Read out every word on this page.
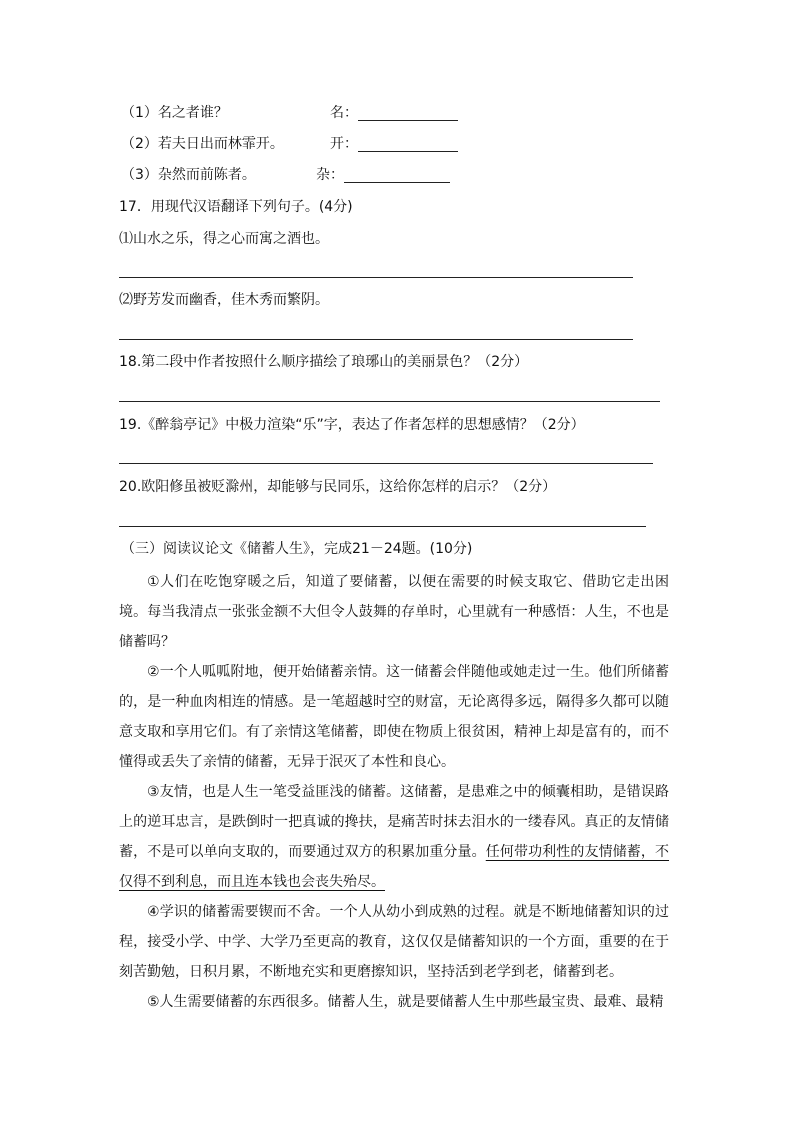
（1）名之者谁？	名：
（2）若夫日出而林霏开。	开：
（3）杂然而前陈者。	杂：
17．用现代汉语翻译下列句子。(4分)
⑴山水之乐，得之心而寓之酒也。
⑵野芳发而幽香，佳木秀而繁阴。
18.第二段中作者按照什么顺序描绘了琅琊山的美丽景色？（2分）
19.《醉翁亭记》中极力渲染“乐”字，表达了作者怎样的思想感情？（2分）
20.欧阳修虽被贬滁州，却能够与民同乐，这给你怎样的启示？（2分）
（三）阅读议论文《储蓄人生》，完成21－24题。(10分)

①人们在吃饱穿暖之后，知道了要储蓄，以便在需要的时候支取它、借助它走出困境。每当我清点一张张金额不大但令人鼓舞的存单时，心里就有一种感悟：人生，不也是储蓄吗？

②一个人呱呱附地，便开始储蓄亲情。这一储蓄会伴随他或她走过一生。他们所储蓄的，是一种血肉相连的情感。是一笔超越时空的财富，无论离得多远，隔得多久都可以随意支取和享用它们。有了亲情这笔储蓄，即使在物质上很贫困，精神上却是富有的，而不懂得或丢失了亲情的储蓄，无异于泯灭了本性和良心。

③友情，也是人生一笔受益匪浅的储蓄。这储蓄，是患难之中的倾囊相助，是错误路上的逆耳忠言，是跌倒时一把真诚的搀扶，是痛苦时抹去泪水的一缕春风。真正的友情储蓄，不是可以单向支取的，而要通过双方的积累加重分量。任何带功利性的友情储蓄，不仅得不到利息，而且连本钱也会丧失殆尽。

④学识的储蓄需要锲而不舍。一个人从幼小到成熟的过程。就是不断地储蓄知识的过程，接受小学、中学、大学乃至更高的教育，这仅仅是储蓄知识的一个方面，重要的在于刻苦勤勉，日积月累，不断地充实和更磨擦知识，坚持活到老学到老，储蓄到老。

⑤人生需要储蓄的东西很多。储蓄人生，就是要储蓄人生中那些最宝贵、最难、最精
